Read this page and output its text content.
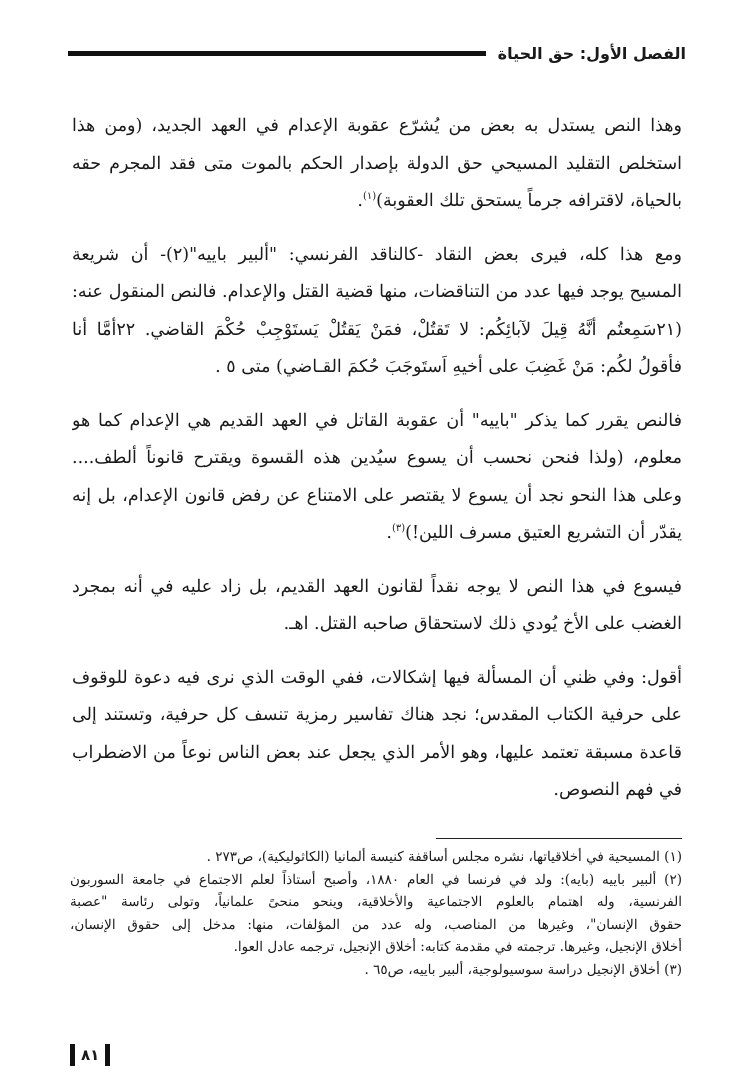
الفصل الأول: حق الحياة

وهذا النص يستدل به بعض من يُشرّع عقوبة الإعدام في العهد الجديد، (ومن هذا
استخلص التقليد المسيحي حق الدولة بإصدار الحكم بالموت متى فقد المجرم حقه
بالحياة، لاقترافه جرماً يستحق تلك العقوبة)$^{(١)}$.

ومع هذا كله، فيرى بعض النقاد -كالناقد الفرنسي: "ألبير باييه"(٢)- أن شريعة
المسيح يوجد فيها عدد من التناقضات، منها قضية القتل والإعدام. فالنص المنقول عنه:
(٢١سَمِعتُم أنَّهُ قِيلَ لآبائِكُم: لا تَقتُلْ، فمَنْ يَقتُلْ يَستَوْجِبْ حُكْمَ القاضي. ٢٢أمَّا أنا
فأقولُ لكُم: مَنْ غَضِبَ على أخيهِ اَستَوجَبَ حُكمَ القـاضي) متى ٥ .

فالنص يقرر كما يذكر "باييه" أن عقوبة القاتل في العهد القديم هي الإعدام كما هو
معلوم، (ولذا فنحن نحسب أن يسوع سيُدين هذه القسوة ويقترح قانوناً ألطف....
وعلى هذا النحو نجد أن يسوع لا يقتصر على الامتناع عن رفض قانون الإعدام، بل إنه
يقدّر أن التشريع العتيق مسرف اللين!)$^{(٣)}$.

فيسوع في هذا النص لا يوجه نقداً لقانون العهد القديم، بل زاد عليه في أنه بمجرد
الغضب على الأخ يُودي ذلك لاستحقاق صاحبه القتل. اهـ.

أقول: وفي ظني أن المسألة فيها إشكالات، ففي الوقت الذي نرى فيه دعوة للوقوف
على حرفية الكتاب المقدس؛ نجد هناك تفاسير رمزية تنسف كل حرفية، وتستند إلى
قاعدة مسبقة تعتمد عليها، وهو الأمر الذي يجعل عند بعض الناس نوعاً من الاضطراب
في فهم النصوص.

(١) المسيحية في أخلاقياتها، نشره مجلس أساقفة كنيسة ألمانيا (الكاثوليكية)، ص٢٧٣ .
(٢) ألبير باييه (بايه): ولد في فرنسا في العام ١٨٨٠، وأصبح أستاذاً لعلم الاجتماع في جامعة السوربون
الفرنسية، وله اهتمام بالعلوم الاجتماعية والأخلاقية، وينحو منحىً علمانياً، وتولى رئاسة "عصبة
حقوق الإنسان"، وغيرها من المناصب، وله عدد من المؤلفات، منها: مدخل إلى حقوق الإنسان،
أخلاق الإنجيل، وغيرها. ترجمته في مقدمة كتابه: أخلاق الإنجيل، ترجمه عادل العوا.
(٣) أخلاق الإنجيل دراسة سوسيولوجية، ألبير باييه، ص٦٥ .
٨١
